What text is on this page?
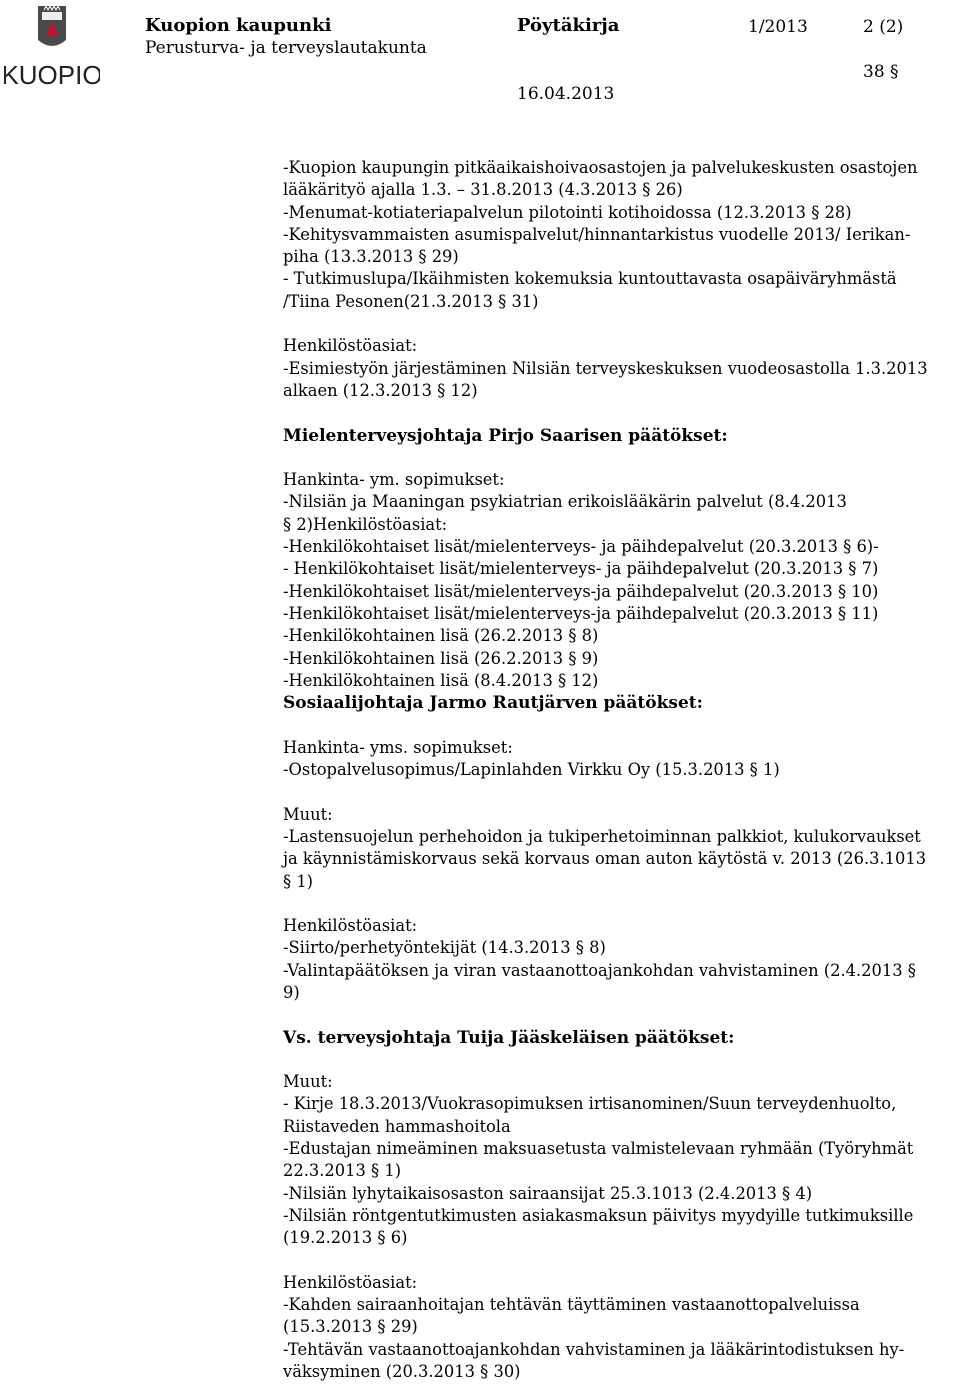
KUOPIO
Kuopion kaupunki
Perusturva- ja terveyslautakunta
Pöytäkirja	1/2013	2 (2)
38 §
16.04.2013
-Kuopion kaupungin pitkäaikaishoivaosastojen ja palvelukeskusten osastojen
lääkärityö ajalla 1.3. – 31.8.2013 (4.3.2013 § 26)
-Menumat-kotiateriapalvelun pilotointi kotihoidossa (12.3.2013 § 28)
-Kehitysvammaisten asumispalvelut/hinnantarkistus vuodelle 2013/ Ierikan-
piha (13.3.2013 § 29)
- Tutkimuslupa/Ikäihmisten kokemuksia kuntouttavasta osapäiväryhmästä
/Tiina Pesonen(21.3.2013 § 31)
Henkilöstöasiat:
-Esimiestyön järjestäminen Nilsiän terveyskeskuksen vuodeosastolla 1.3.2013
alkaen (12.3.2013 § 12)
Mielenterveysjohtaja Pirjo Saarisen päätökset:
Hankinta- ym. sopimukset:
-Nilsiän ja Maaningan psykiatrian erikoislääkärin palvelut (8.4.2013
§ 2)Henkilöstöasiat:
-Henkilökohtaiset lisät/mielenterveys- ja päihdepalvelut (20.3.2013 § 6)-
- Henkilökohtaiset lisät/mielenterveys- ja päihdepalvelut (20.3.2013 § 7)
-Henkilökohtaiset lisät/mielenterveys-ja päihdepalvelut (20.3.2013 § 10)
-Henkilökohtaiset lisät/mielenterveys-ja päihdepalvelut (20.3.2013 § 11)
-Henkilökohtainen lisä (26.2.2013 § 8)
-Henkilökohtainen lisä (26.2.2013 § 9)
-Henkilökohtainen lisä (8.4.2013 § 12)
Sosiaalijohtaja Jarmo Rautjärven päätökset:
Hankinta- yms. sopimukset:
-Ostopalvelusopimus/Lapinlahden Virkku Oy (15.3.2013 § 1)
Muut:
-Lastensuojelun perhehoidon ja tukiperhetoiminnan palkkiot, kulukorvaukset
ja käynnistämiskorvaus sekä korvaus oman auton käytöstä v. 2013 (26.3.1013
§ 1)
Henkilöstöasiat:
-Siirto/perhetyöntekijät (14.3.2013 § 8)
-Valintapäätöksen ja viran vastaanottoajankohdan vahvistaminen (2.4.2013 §
9)
Vs. terveysjohtaja Tuija Jääskeläisen päätökset:
Muut:
- Kirje 18.3.2013/Vuokrasopimuksen irtisanominen/Suun terveydenhuolto,
Riistaveden hammashoitola
-Edustajan nimeäminen maksuasetusta valmistelevaan ryhmään (Työryhmät
22.3.2013 § 1)
-Nilsiän lyhytaikaisosaston sairaansijat 25.3.1013 (2.4.2013 § 4)
-Nilsiän röntgentutkimusten asiakasmaksun päivitys myydyille tutkimuksille
(19.2.2013 § 6)
Henkilöstöasiat:
-Kahden sairaanhoitajan tehtävän täyttäminen vastaanottopalveluissa
(15.3.2013 § 29)
-Tehtävän vastaanottoajankohdan vahvistaminen ja lääkärintodistuksen hy-
väksyminen (20.3.2013 § 30)
